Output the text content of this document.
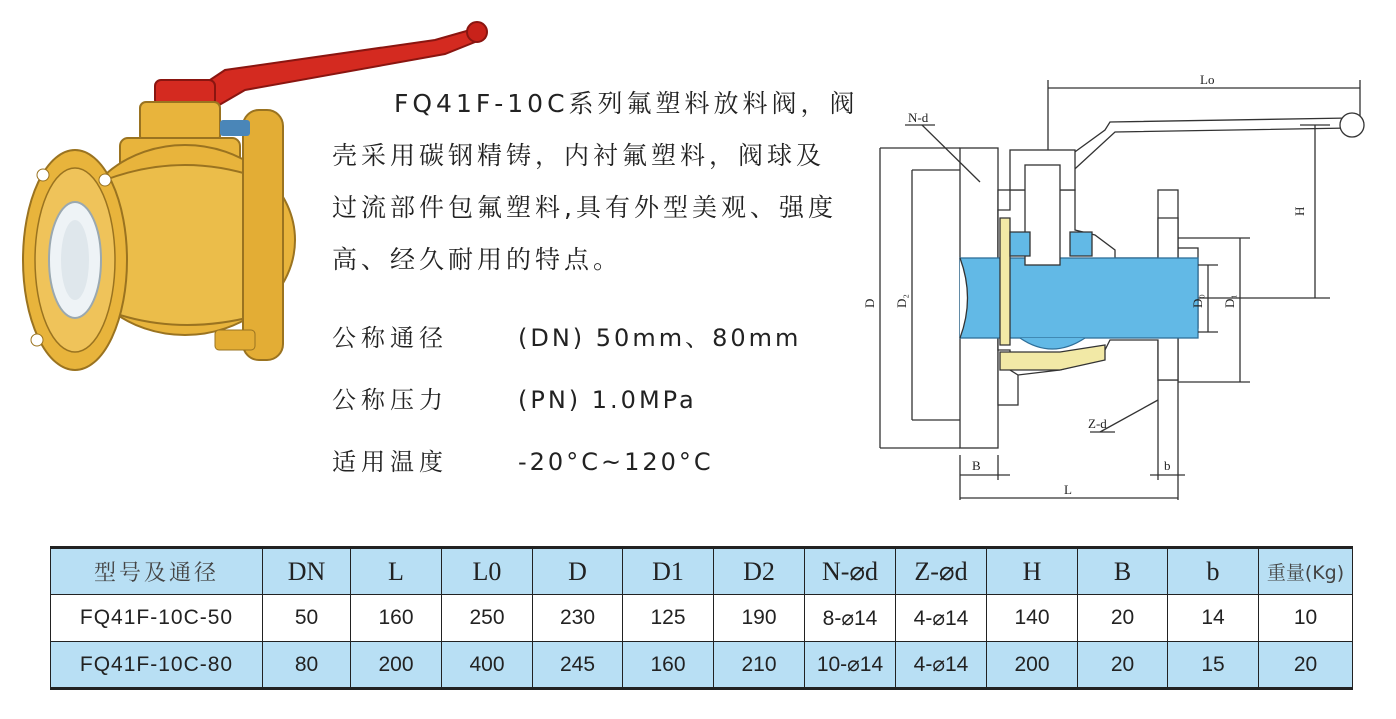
FQ41F-10C系列氟塑料放料阀，阀
壳采用碳钢精铸，内衬氟塑料，阀球及
过流部件包氟塑料,具有外型美观、强度
高、经久耐用的特点。
公称通径	(DN) 50mm、80mm
公称压力	(PN) 1.0MPa
适用温度	-20°C~120°C
Lo
H
N-d
D D₂	D₀ D₁
Z-d
B	b
L
型号及通径	DN	L	L0	D	D1	D2	N-⌀d	Z-⌀d	H	B	b	重量(Kg)
FQ41F-10C-50	50	160	250	230	125	190	8-⌀14	4-⌀14	140	20	14	10
FQ41F-10C-80	80	200	400	245	160	210	10-⌀14	4-⌀14	200	20	15	20
